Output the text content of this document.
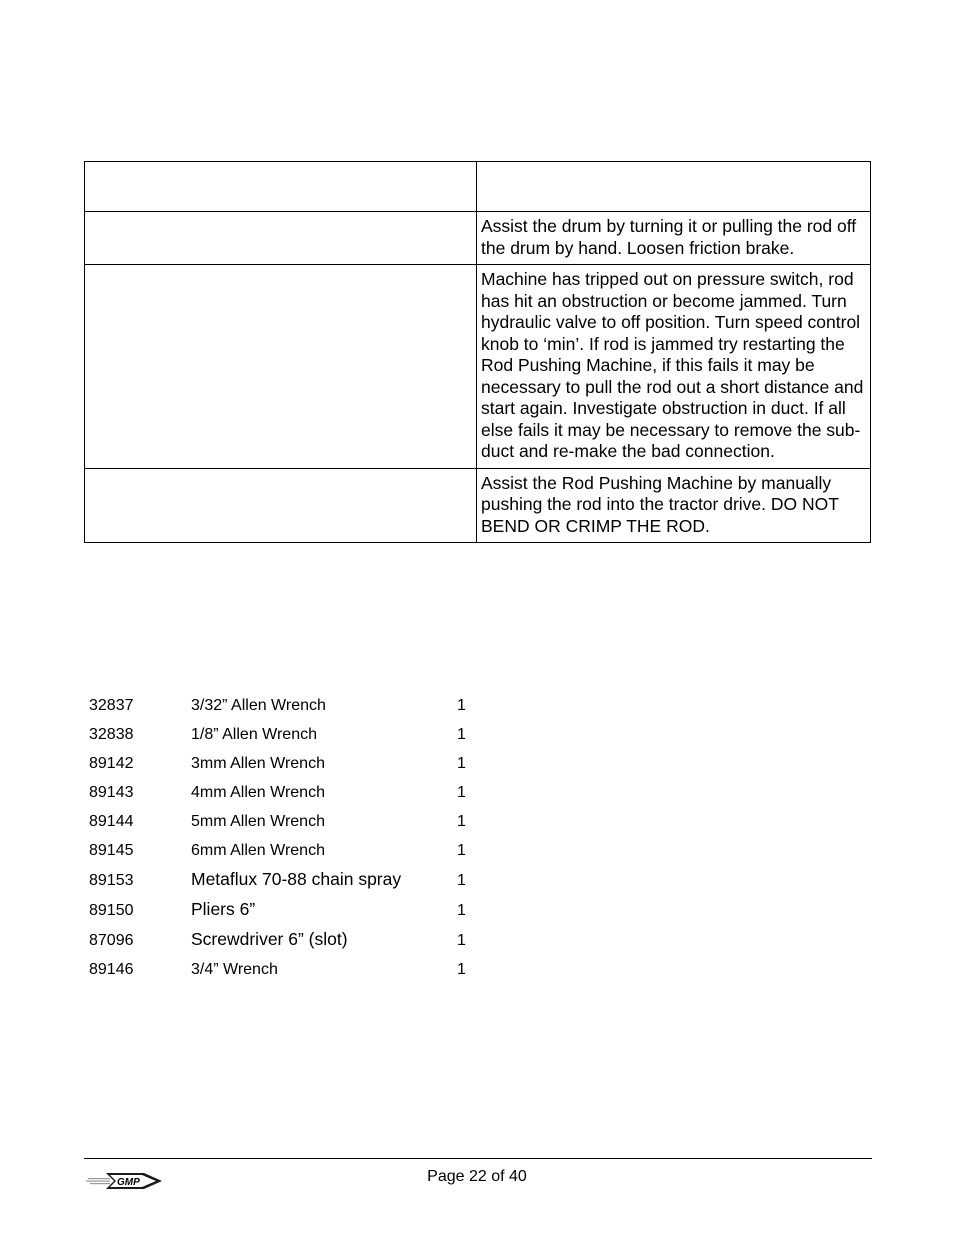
	Assist the drum by turning it or pulling the rod off the drum by hand. Loosen friction brake.
	Machine has tripped out on pressure switch, rod has hit an obstruction or become jammed. Turn hydraulic valve to off position. Turn speed control knob to ‘min’. If rod is jammed try restarting the Rod Pushing Machine, if this fails it may be necessary to pull the rod out a short distance and start again. Investigate obstruction in duct. If all else fails it may be necessary to remove the sub-duct and re-make the bad connection.
	Assist the Rod Pushing Machine by manually pushing the rod into the tractor drive. DO NOT BEND OR CRIMP THE ROD.
32837	3/32” Allen Wrench	1
32838	1/8” Allen Wrench	1
89142	3mm Allen Wrench	1
89143	4mm Allen Wrench	1
89144	5mm Allen Wrench	1
89145	6mm Allen Wrench	1
89153	Metaflux 70-88 chain spray	1
89150	Pliers 6”	1
87096	Screwdriver 6” (slot)	1
89146	3/4” Wrench	1
GMP	Page 22 of 40
